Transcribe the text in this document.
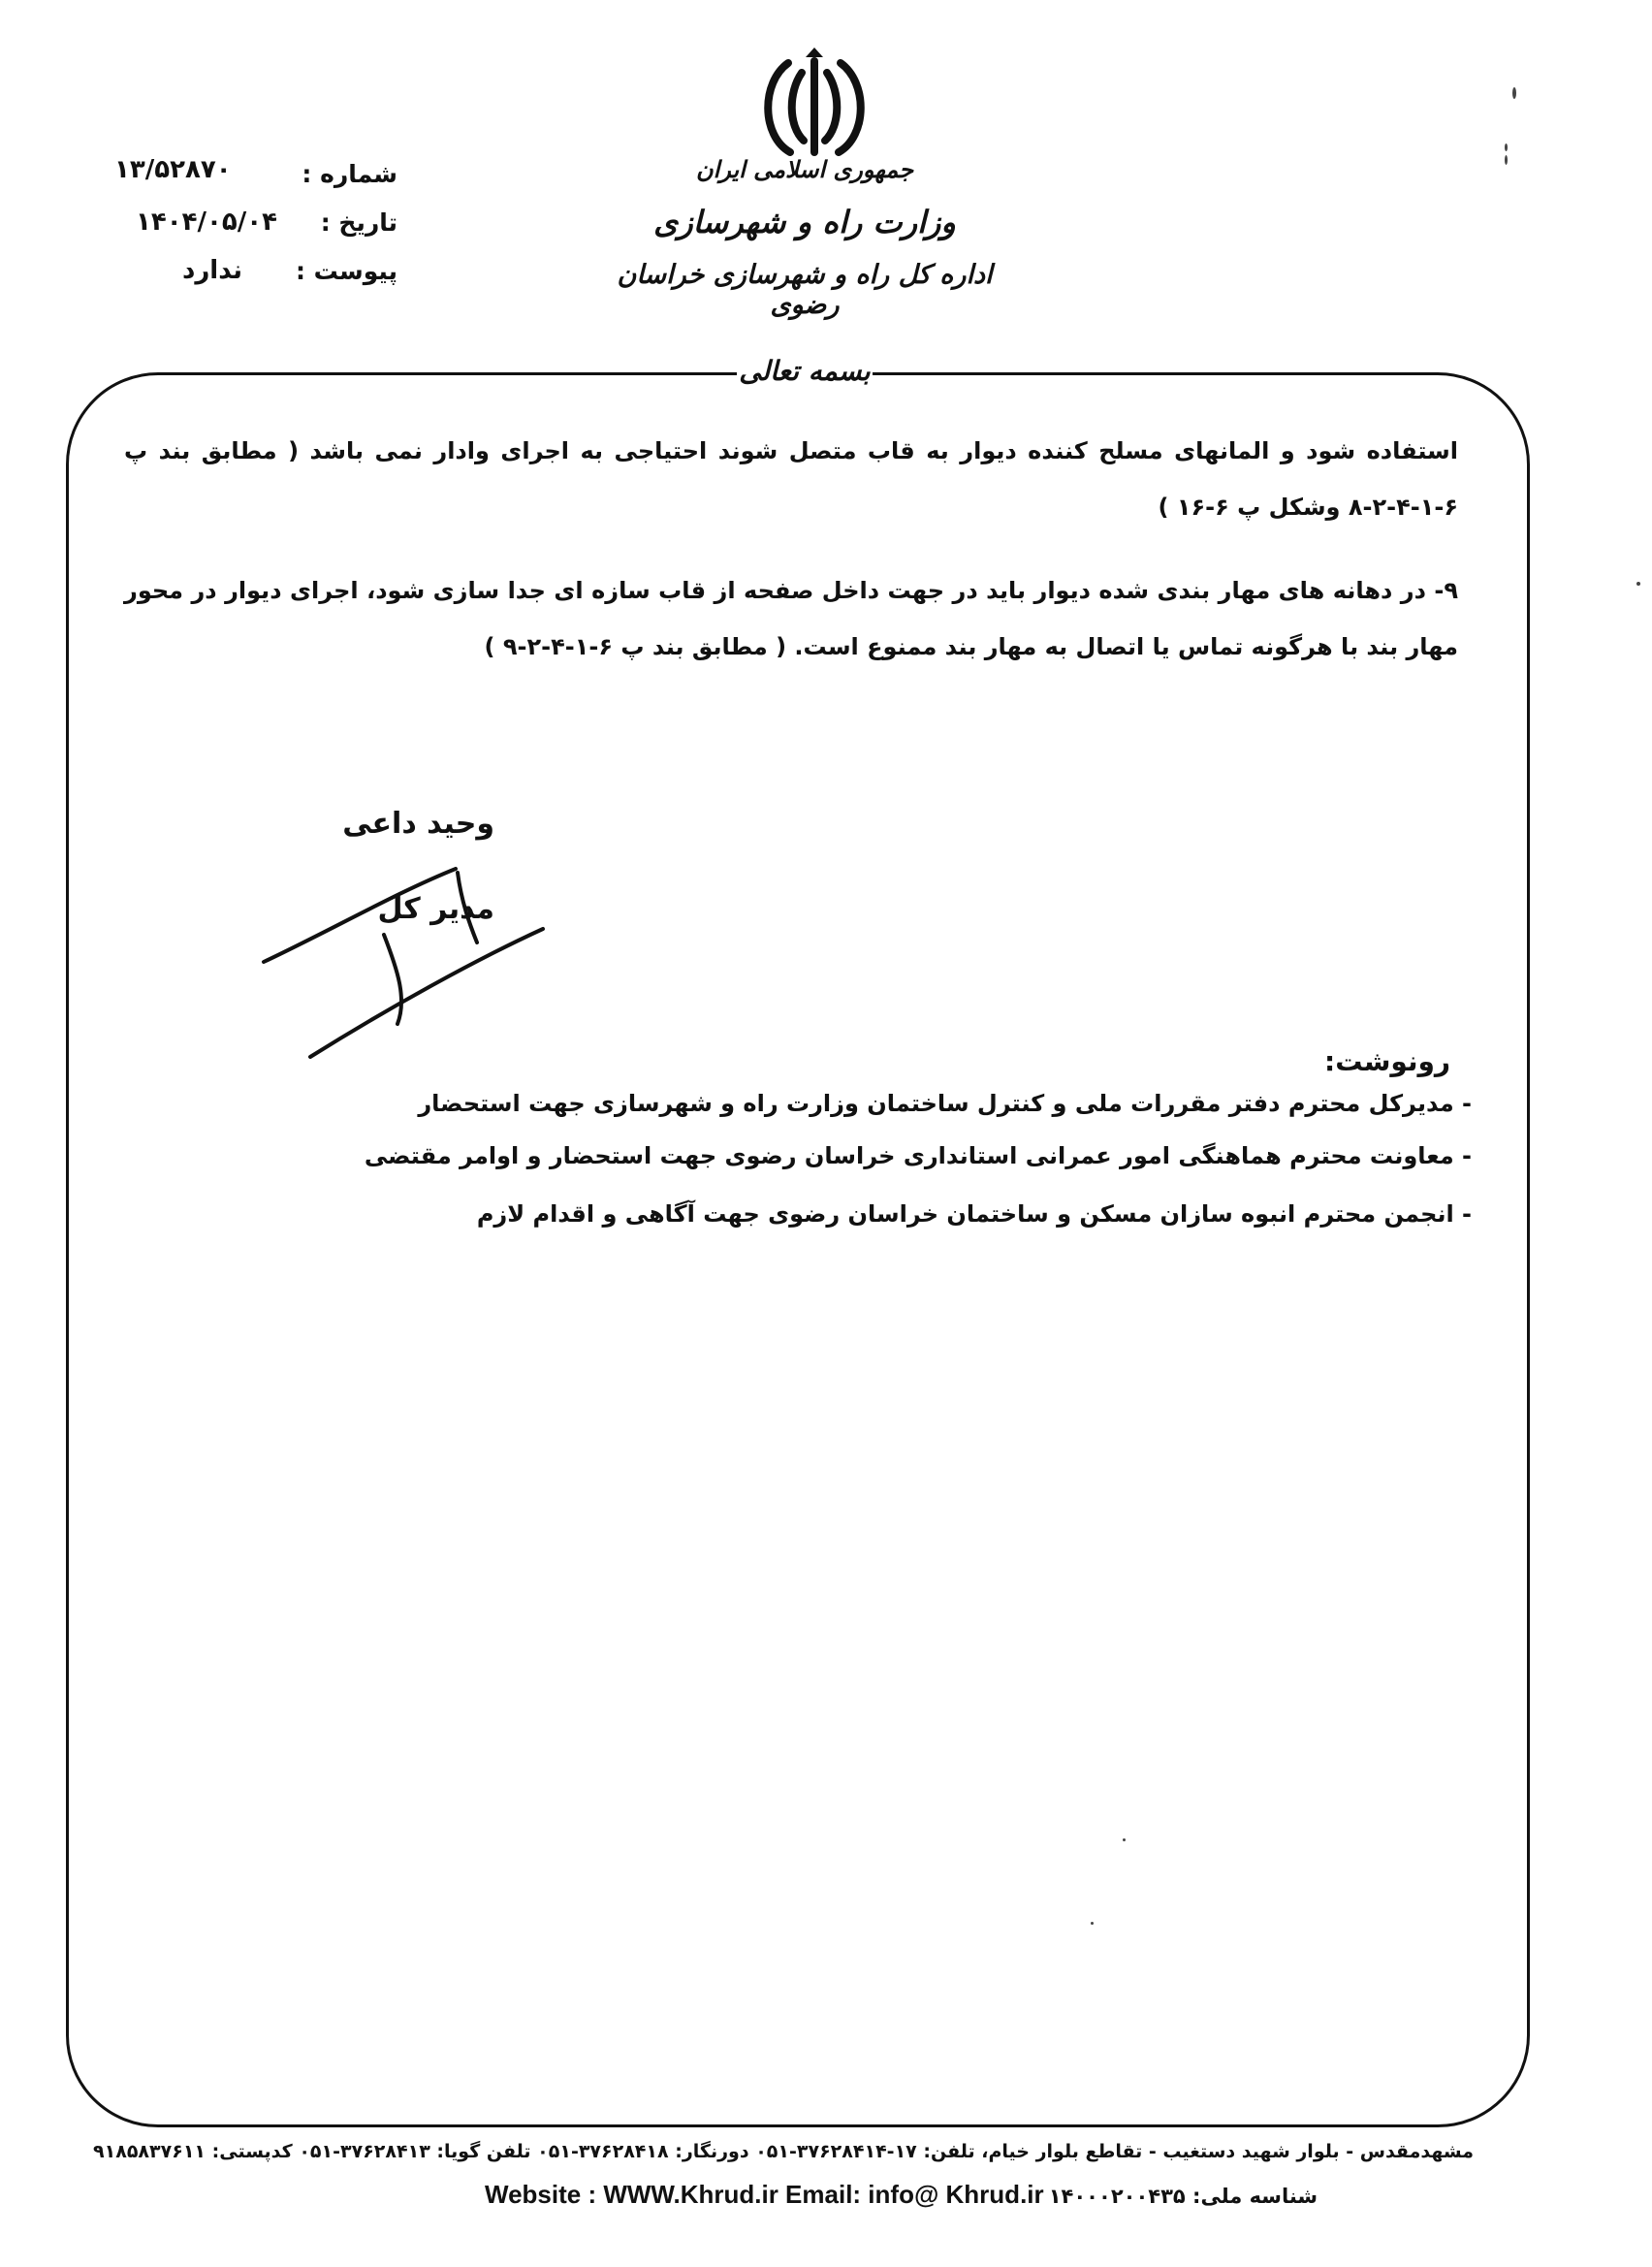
جمهوری اسلامی ایران
وزارت راه و شهرسازی
اداره کل راه و شهرسازی خراسان رضوی
شماره :
۱۳/۵۲۸۷۰
تاریخ :
۱۴۰۴/۰۵/۰۴
پیوست :
ندارد
بسمه تعالی
استفاده شود و المانهای مسلح کننده دیوار به قاب متصل شوند احتیاجی به اجرای وادار نمی باشد ( مطابق بند پ ۶-۱-۴-۲-۸ وشکل پ ۶-۱۶ )
۹- در دهانه های مهار بندی شده دیوار باید در جهت داخل صفحه از قاب سازه ای جدا سازی شود، اجرای دیوار در محور مهار بند با هرگونه تماس یا اتصال به مهار بند ممنوع است. ( مطابق بند پ ۶-۱-۴-۲-۹ )
وحید داعی
مدیر کل
رونوشت:
- مدیرکل محترم دفتر مقررات ملی و کنترل ساختمان وزارت راه و شهرسازی جهت استحضار
- معاونت محترم هماهنگی امور عمرانی استانداری خراسان رضوی جهت استحضار و اوامر مقتضی
- انجمن محترم انبوه سازان مسکن و ساختمان خراسان رضوی جهت آگاهی و اقدام لازم
مشهدمقدس - بلوار شهید دستغیب - تقاطع بلوار خیام، تلفن: ۱۷-۳۷۶۲۸۴۱۴-۰۵۱ دورنگار: ۳۷۶۲۸۴۱۸-۰۵۱ تلفن گویا: ۳۷۶۲۸۴۱۳-۰۵۱ کدپستی: ۹۱۸۵۸۳۷۶۱۱
Website : WWW.Khrud.ir Email: info@ Khrud.ir شناسه ملی: ۱۴۰۰۰۲۰۰۴۳۵
